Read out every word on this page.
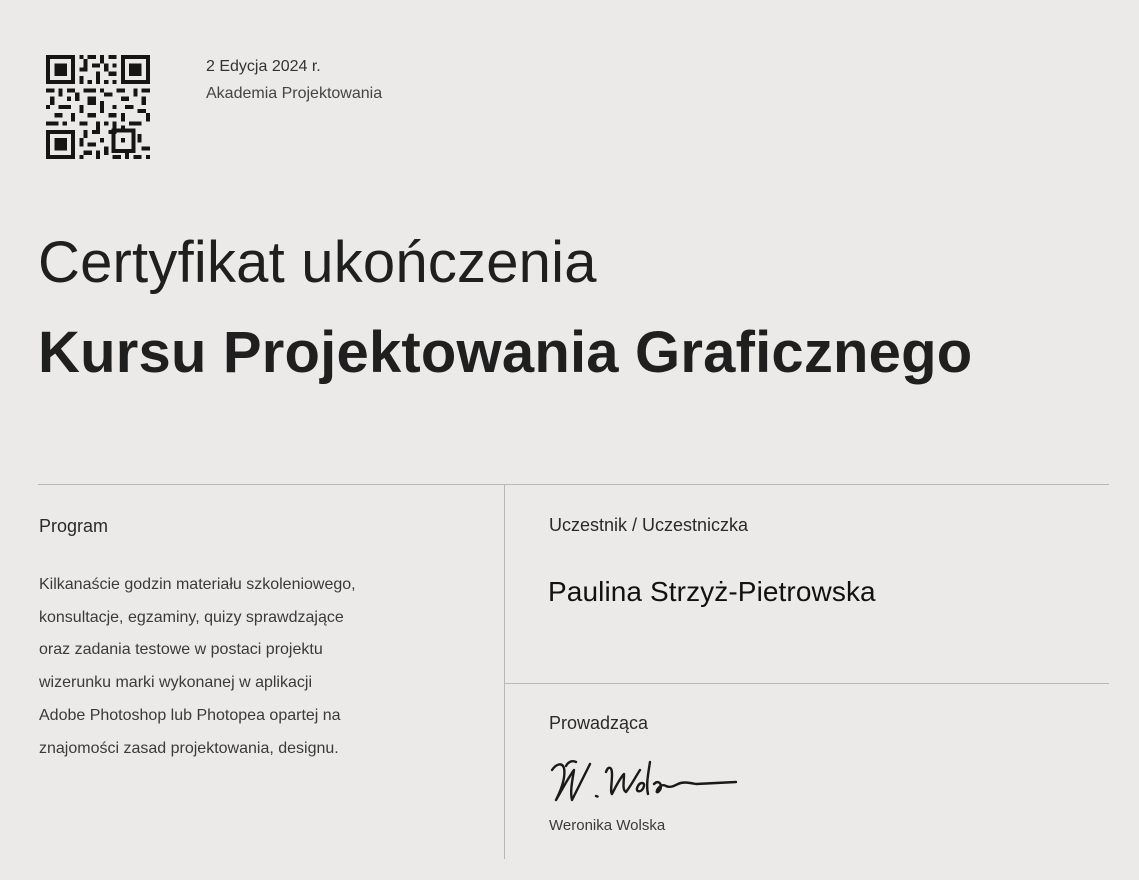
2 Edycja 2024 r.
Akademia Projektowania
Certyfikat ukończenia
Kursu Projektowania Graficznego
Program
Kilkanaście godzin materiału szkoleniowego,
konsultacje, egzaminy, quizy sprawdzające
oraz zadania testowe w postaci projektu
wizerunku marki wykonanej w aplikacji
Adobe Photoshop lub Photopea opartej na
znajomości zasad projektowania, designu.
Uczestnik / Uczestniczka
Paulina Strzyż-Pietrowska
Prowadząca
Weronika Wolska
